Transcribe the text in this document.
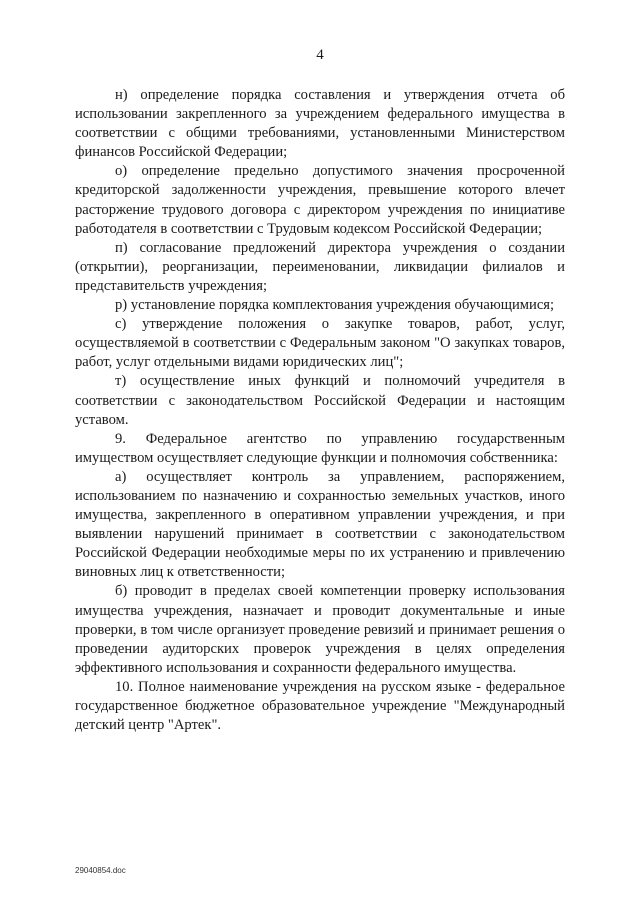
4

н) определение порядка составления и утверждения отчета об использовании закрепленного за учреждением федерального имущества в соответствии с общими требованиями, установленными Министерством финансов Российской Федерации;

о) определение предельно допустимого значения просроченной кредиторской задолженности учреждения, превышение которого влечет расторжение трудового договора с директором учреждения по инициативе работодателя в соответствии с Трудовым кодексом Российской Федерации;

п) согласование предложений директора учреждения о создании (открытии), реорганизации, переименовании, ликвидации филиалов и представительств учреждения;

р) установление порядка комплектования учреждения обучающимися;

с) утверждение положения о закупке товаров, работ, услуг, осуществляемой в соответствии с Федеральным законом "О закупках товаров, работ, услуг отдельными видами юридических лиц";

т) осуществление иных функций и полномочий учредителя в соответствии с законодательством Российской Федерации и настоящим уставом.

9. Федеральное агентство по управлению государственным имуществом осуществляет следующие функции и полномочия собственника:

а) осуществляет контроль за управлением, распоряжением, использованием по назначению и сохранностью земельных участков, иного имущества, закрепленного в оперативном управлении учреждения, и при выявлении нарушений принимает в соответствии с законодательством Российской Федерации необходимые меры по их устранению и привлечению виновных лиц к ответственности;

б) проводит в пределах своей компетенции проверку использования имущества учреждения, назначает и проводит документальные и иные проверки, в том числе организует проведение ревизий и принимает решения о проведении аудиторских проверок учреждения в целях определения эффективного использования и сохранности федерального имущества.

10. Полное наименование учреждения на русском языке - федеральное государственное бюджетное образовательное учреждение "Международный детский центр "Артек".

29040854.doc
